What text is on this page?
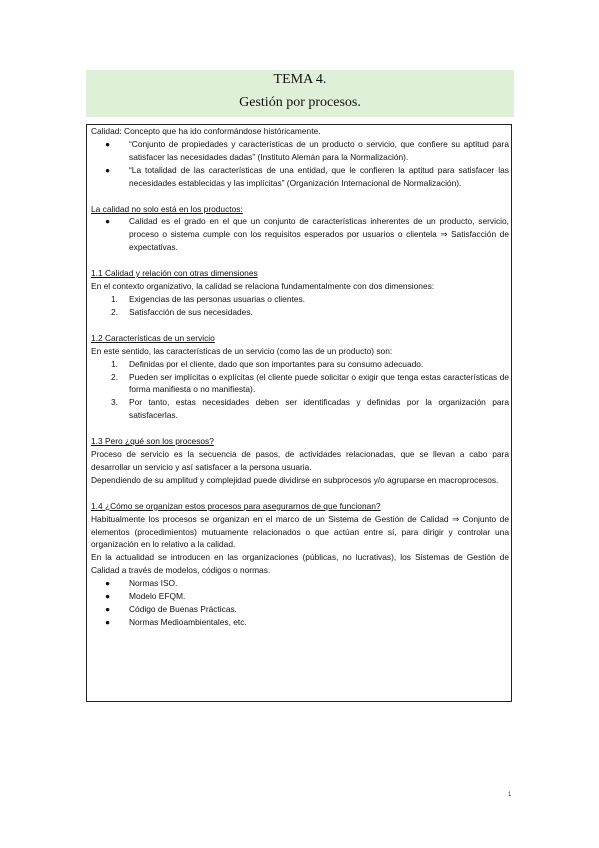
TEMA 4.
Gestión por procesos.

Calidad: Concepto que ha ido conformándose históricamente.

● “Conjunto de propiedades y características de un producto o servicio, que confiere su aptitud para satisfacer las necesidades dadas” (Instituto Alemán para la Normalización).
● “La totalidad de las características de una entidad, que le confieren la aptitud para satisfacer las necesidades establecidas y las implícitas” (Organización Internacional de Normalización).

La calidad no solo está en los productos:

● Calidad es el grado en el que un conjunto de características inherentes de un producto, servicio, proceso o sistema cumple con los requisitos esperados por usuarios o clientela ⇒ Satisfacción de expectativas.

1.1 Calidad y relación con otras dimensiones

En el contexto organizativo, la calidad se relaciona fundamentalmente con dos dimensiones:

1. Exigencias de las personas usuarias o clientes.
2. Satisfacción de sus necesidades.

1.2 Características de un servicio

En este sentido, las características de un servicio (como las de un producto) son:

1. Definidas por el cliente, dado que son importantes para su consumo adecuado.
2. Pueden ser implícitas o explícitas (el cliente puede solicitar o exigir que tenga estas características de forma manifiesta o no manifiesta).
3. Por tanto, estas necesidades deben ser identificadas y definidas por la organización para satisfacerlas.

1.3 Pero ¿qué son los procesos?

Proceso de servicio es la secuencia de pasos, de actividades relacionadas, que se llevan a cabo para desarrollar un servicio y así satisfacer a la persona usuaria.

Dependiendo de su amplitud y complejidad puede dividirse en subprocesos y/o agruparse en macroprocesos.

1.4 ¿Cómo se organizan estos procesos para asegurarnos de que funcionan?

Habitualmente los procesos se organizan en el marco de un Sistema de Gestión de Calidad ⇒ Conjunto de elementos (procedimientos) mutuamente relacionados o que actúan entre sí, para dirigir y controlar una organización en lo relativo a la calidad.

En la actualidad se introducen en las organizaciones (públicas, no lucrativas), los Sistemas de Gestión de Calidad a través de modelos, códigos o normas.

● Normas ISO.
● Modelo EFQM.
● Código de Buenas Prácticas.
● Normas Medioambientales, etc.
1
